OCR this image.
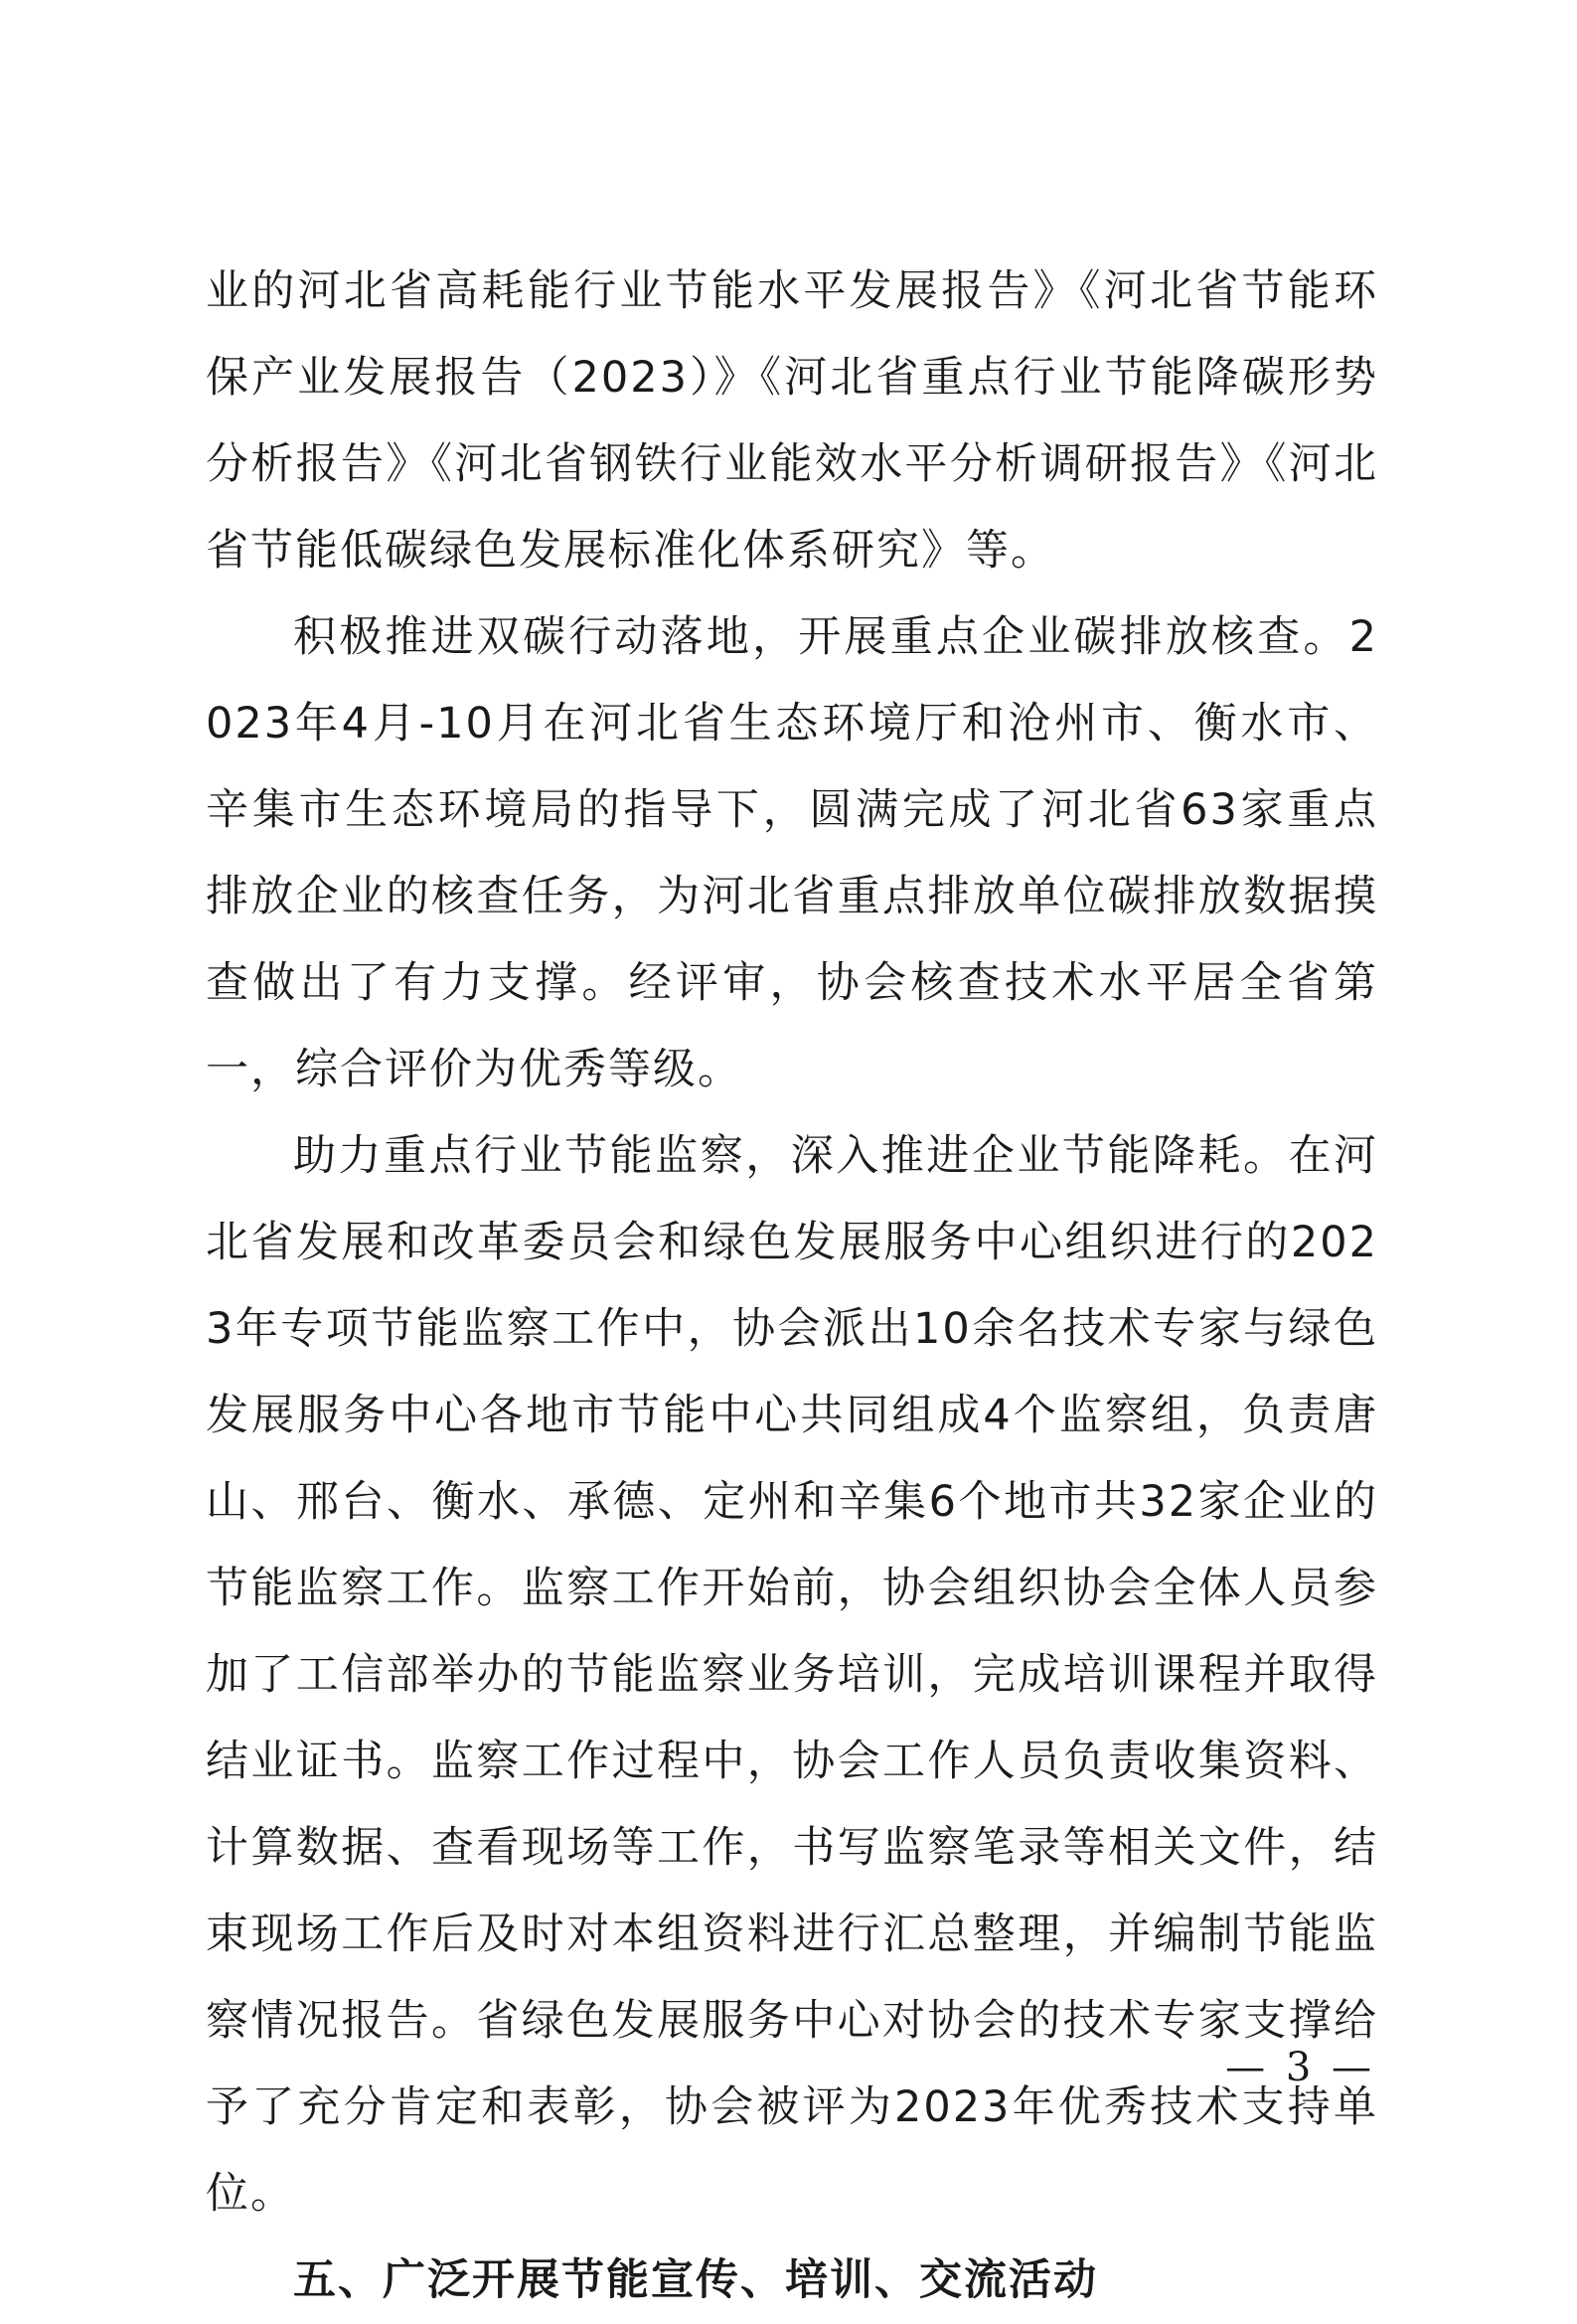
业的河北省高耗能行业节能水平发展报告》《河北省节能环保产业发展报告（2023）》《河北省重点行业节能降碳形势分析报告》《河北省钢铁行业能效水平分析调研报告》《河北省节能低碳绿色发展标准化体系研究》等。

积极推进双碳行动落地，开展重点企业碳排放核查。2023年4月-10月在河北省生态环境厅和沧州市、衡水市、辛集市生态环境局的指导下，圆满完成了河北省63家重点排放企业的核查任务，为河北省重点排放单位碳排放数据摸查做出了有力支撑。经评审，协会核查技术水平居全省第一，综合评价为优秀等级。

助力重点行业节能监察，深入推进企业节能降耗。在河北省发展和改革委员会和绿色发展服务中心组织进行的2023年专项节能监察工作中，协会派出10余名技术专家与绿色发展服务中心各地市节能中心共同组成4个监察组，负责唐山、邢台、衡水、承德、定州和辛集6个地市共32家企业的节能监察工作。监察工作开始前，协会组织协会全体人员参加了工信部举办的节能监察业务培训，完成培训课程并取得结业证书。监察工作过程中，协会工作人员负责收集资料、计算数据、查看现场等工作，书写监察笔录等相关文件，结束现场工作后及时对本组资料进行汇总整理，并编制节能监察情况报告。省绿色发展服务中心对协会的技术专家支撑给予了充分肯定和表彰，协会被评为2023年优秀技术支持单位。

五、广泛开展节能宣传、培训、交流活动

— 3 —
